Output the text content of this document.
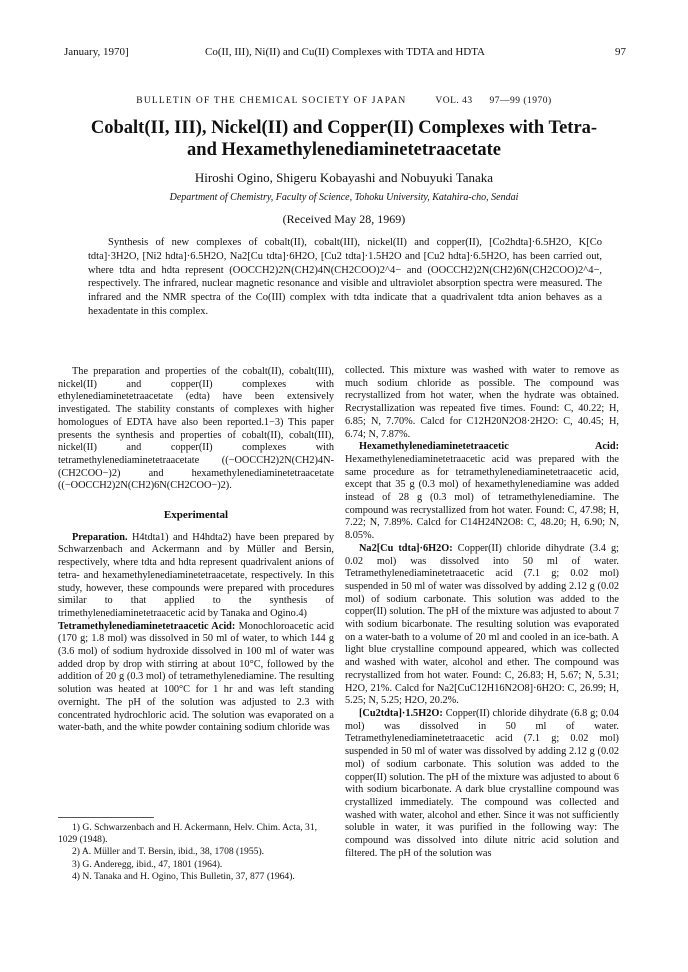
January, 1970]	Co(II, III), Ni(II) and Cu(II) Complexes with TDTA and HDTA	97
BULLETIN OF THE CHEMICAL SOCIETY OF JAPAN	VOL. 43 97—99 (1970)
Cobalt(II, III), Nickel(II) and Copper(II) Complexes with Tetra- and Hexamethylenediaminetetraacetate
Hiroshi Ogino, Shigeru Kobayashi and Nobuyuki Tanaka
Department of Chemistry, Faculty of Science, Tohoku University, Katahira-cho, Sendai
(Received May 28, 1969)

Synthesis of new complexes of cobalt(II), cobalt(III), nickel(II) and copper(II), [Co2hdta]·6.5H2O, K[Co tdta]·3H2O, [Ni2 hdta]·6.5H2O, Na2[Cu tdta]·6H2O, [Cu2 tdta]·1.5H2O and [Cu2 hdta]·6.5H2O, has been carried out, where tdta and hdta represent (OOCCH2)2N(CH2)4N(CH2COO)2^4− and (OOCCH2)2N(CH2)6N(CH2COO)2^4−, respectively. The infrared, nuclear magnetic resonance and visible and ultraviolet absorption spectra were measured. The infrared and the NMR spectra of the Co(III) complex with tdta indicate that a quadrivalent tdta anion behaves as a hexadentate in this complex.

The preparation and properties of the cobalt(II), cobalt(III), nickel(II) and copper(II) complexes with ethylenediaminetetraacetate (edta) have been extensively investigated. The stability constants of complexes with higher homologues of EDTA have also been reported.1−3) This paper presents the synthesis and properties of cobalt(II), cobalt(III), nickel(II) and copper(II) complexes with tetramethylenediaminetetraacetate ((−OOCCH2)2N(CH2)4N-(CH2COO−)2) and hexamethylenediaminetetraacetate ((−OOCCH2)2N(CH2)6N(CH2COO−)2).

Experimental

Preparation. H4tdta1) and H4hdta2) have been prepared by Schwarzenbach and Ackermann and by Müller and Bersin, respectively, where tdta and hdta represent quadrivalent anions of tetra- and hexamethylenediaminetetraacetate, respectively. In this study, however, these compounds were prepared with procedures similar to that applied to the synthesis of trimethylenediaminetetraacetic acid by Tanaka and Ogino.4)

Tetramethylenediaminetetraacetic Acid: Monochloroacetic acid (170 g; 1.8 mol) was dissolved in 50 ml of water, to which 144 g (3.6 mol) of sodium hydroxide dissolved in 100 ml of water was added drop by drop with stirring at about 10°C, followed by the addition of 20 g (0.3 mol) of tetramethylenediamine. The resulting solution was heated at 100°C for 1 hr and was left standing overnight. The pH of the solution was adjusted to 2.3 with concentrated hydrochloric acid. The solution was evaporated on a water-bath, and the white powder containing sodium chloride was

1) G. Schwarzenbach and H. Ackermann, Helv. Chim. Acta, 31, 1029 (1948).
2) A. Müller and T. Bersin, ibid., 38, 1708 (1955).
3) G. Anderegg, ibid., 47, 1801 (1964).
4) N. Tanaka and H. Ogino, This Bulletin, 37, 877 (1964).

collected. This mixture was washed with water to remove as much sodium chloride as possible. The compound was recrystallized from hot water, when the hydrate was obtained. Recrystallization was repeated five times. Found: C, 40.22; H, 6.85; N, 7.70%. Calcd for C12H20N2O8·2H2O: C, 40.45; H, 6.74; N, 7.87%.

Hexamethylenediaminetetraacetic Acid: Hexamethylenediaminetetraacetic acid was prepared with the same procedure as for tetramethylenediaminetetraacetic acid, except that 35 g (0.3 mol) of hexamethylenediamine was added instead of 28 g (0.3 mol) of tetramethylenediamine. The compound was recrystallized from hot water. Found: C, 47.98; H, 7.22; N, 7.89%. Calcd for C14H24N2O8: C, 48.20; H, 6.90; N, 8.05%.

Na2[Cu tdta]·6H2O: Copper(II) chloride dihydrate (3.4 g; 0.02 mol) was dissolved into 50 ml of water. Tetramethylenediaminetetraacetic acid (7.1 g; 0.02 mol) suspended in 50 ml of water was dissolved by adding 2.12 g (0.02 mol) of sodium carbonate. This solution was added to the copper(II) solution. The pH of the mixture was adjusted to about 7 with sodium bicarbonate. The resulting solution was evaporated on a water-bath to a volume of 20 ml and cooled in an ice-bath. A light blue crystalline compound appeared, which was collected and washed with water, alcohol and ether. The compound was recrystallized from hot water. Found: C, 26.83; H, 5.67; N, 5.31; H2O, 21%. Calcd for Na2[CuC12H16N2O8]·6H2O: C, 26.99; H, 5.25; N, 5.25; H2O, 20.2%.

[Cu2tdta]·1.5H2O: Copper(II) chloride dihydrate (6.8 g; 0.04 mol) was dissolved in 50 ml of water. Tetramethylenediaminetetraacetic acid (7.1 g; 0.02 mol) suspended in 50 ml of water was dissolved by adding 2.12 g (0.02 mol) of sodium carbonate. This solution was added to the copper(II) solution. The pH of the mixture was adjusted to about 6 with sodium bicarbonate. A dark blue crystalline compound was crystallized immediately. The compound was collected and washed with water, alcohol and ether. Since it was not sufficiently soluble in water, it was purified in the following way: The compound was dissolved into dilute nitric acid solution and filtered. The pH of the solution was
